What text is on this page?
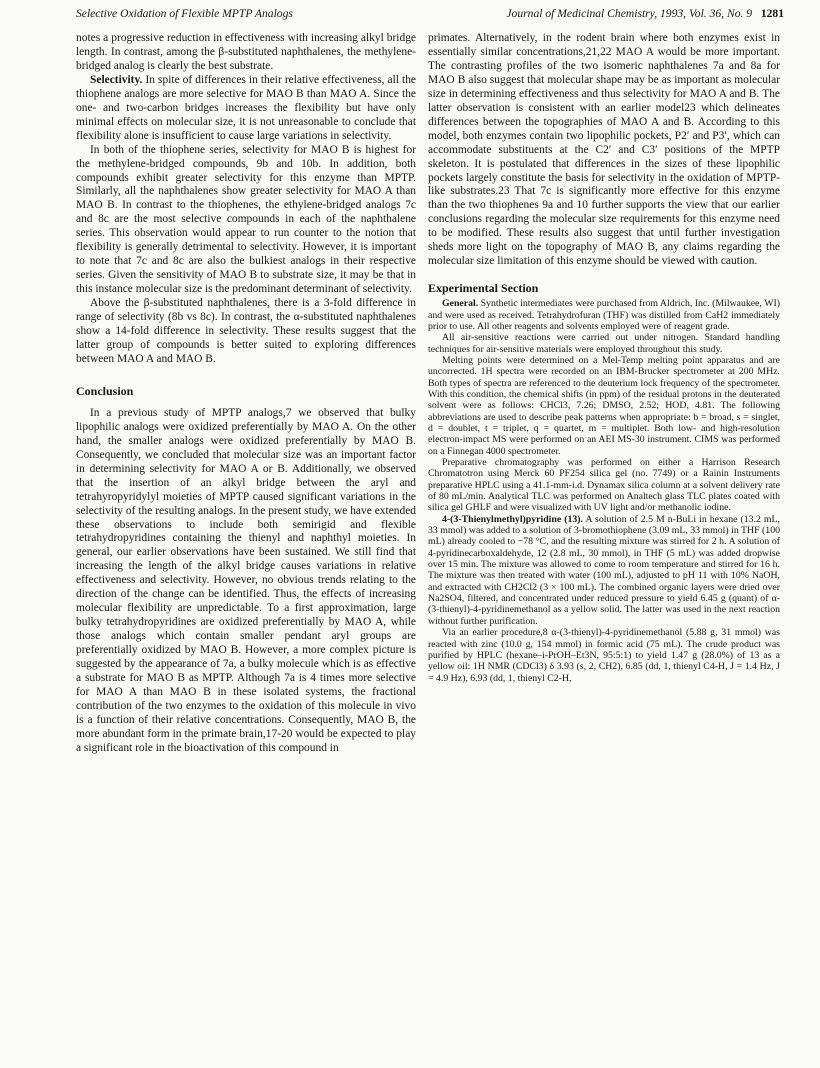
Selective Oxidation of Flexible MPTP Analogs	Journal of Medicinal Chemistry, 1993, Vol. 36, No. 9 1281

notes a progressive reduction in effectiveness with increasing alkyl bridge length. In contrast, among the β-substituted naphthalenes, the methylene-bridged analog is clearly the best substrate.

Selectivity. In spite of differences in their relative effectiveness, all the thiophene analogs are more selective for MAO B than MAO A. Since the one- and two-carbon bridges increases the flexibility but have only minimal effects on molecular size, it is not unreasonable to conclude that flexibility alone is insufficient to cause large variations in selectivity.

In both of the thiophene series, selectivity for MAO B is highest for the methylene-bridged compounds, 9b and 10b. In addition, both compounds exhibit greater selectivity for this enzyme than MPTP. Similarly, all the naphthalenes show greater selectivity for MAO A than MAO B. In contrast to the thiophenes, the ethylene-bridged analogs 7c and 8c are the most selective compounds in each of the naphthalene series. This observation would appear to run counter to the notion that flexibility is generally detrimental to selectivity. However, it is important to note that 7c and 8c are also the bulkiest analogs in their respective series. Given the sensitivity of MAO B to substrate size, it may be that in this instance molecular size is the predominant determinant of selectivity.

Above the β-substituted naphthalenes, there is a 3-fold difference in range of selectivity (8b vs 8c). In contrast, the α-substituted naphthalenes show a 14-fold difference in selectivity. These results suggest that the latter group of compounds is better suited to exploring differences between MAO A and MAO B.

Conclusion

In a previous study of MPTP analogs,7 we observed that bulky lipophilic analogs were oxidized preferentially by MAO A. On the other hand, the smaller analogs were oxidized preferentially by MAO B. Consequently, we concluded that molecular size was an important factor in determining selectivity for MAO A or B. Additionally, we observed that the insertion of an alkyl bridge between the aryl and tetrahyropyridylyl moieties of MPTP caused significant variations in the selectivity of the resulting analogs. In the present study, we have extended these observations to include both semirigid and flexible tetrahydropyridines containing the thienyl and naphthyl moieties. In general, our earlier observations have been sustained. We still find that increasing the length of the alkyl bridge causes variations in relative effectiveness and selectivity. However, no obvious trends relating to the direction of the change can be identified. Thus, the effects of increasing molecular flexibility are unpredictable. To a first approximation, large bulky tetrahydropyridines are oxidized preferentially by MAO A, while those analogs which contain smaller pendant aryl groups are preferentially oxidized by MAO B. However, a more complex picture is suggested by the appearance of 7a, a bulky molecule which is as effective a substrate for MAO B as MPTP. Although 7a is 4 times more selective for MAO A than MAO B in these isolated systems, the fractional contribution of the two enzymes to the oxidation of this molecule in vivo is a function of their relative concentrations. Consequently, MAO B, the more abundant form in the primate brain,17-20 would be expected to play a significant role in the bioactivation of this compound in

primates. Alternatively, in the rodent brain where both enzymes exist in essentially similar concentrations,21,22 MAO A would be more important. The contrasting profiles of the two isomeric naphthalenes 7a and 8a for MAO B also suggest that molecular shape may be as important as molecular size in determining effectiveness and thus selectivity for MAO A and B. The latter observation is consistent with an earlier model23 which delineates differences between the topographies of MAO A and B. According to this model, both enzymes contain two lipophilic pockets, P2′ and P3′, which can accommodate substituents at the C2′ and C3′ positions of the MPTP skeleton. It is postulated that differences in the sizes of these lipophilic pockets largely constitute the basis for selectivity in the oxidation of MPTP-like substrates.23 That 7c is significantly more effective for this enzyme than the two thiophenes 9a and 10 further supports the view that our earlier conclusions regarding the molecular size requirements for this enzyme need to be modified. These results also suggest that until further investigation sheds more light on the topography of MAO B, any claims regarding the molecular size limitation of this enzyme should be viewed with caution.

Experimental Section

General. Synthetic intermediates were purchased from Aldrich, Inc. (Milwaukee, WI) and were used as received. Tetrahydrofuran (THF) was distilled from CaH2 immediately prior to use. All other reagents and solvents employed were of reagent grade.

All air-sensitive reactions were carried out under nitrogen. Standard handling techniques for air-sensitive materials were employed throughout this study.

Melting points were determined on a Mel-Temp melting point apparatus and are uncorrected. 1H spectra were recorded on an IBM-Brucker spectrometer at 200 MHz. Both types of spectra are referenced to the deuterium lock frequency of the spectrometer. With this condition, the chemical shifts (in ppm) of the residual protons in the deuterated solvent were as follows: CHCl3, 7.26; DMSO, 2.52; HOD, 4.81. The following abbreviations are used to describe peak patterns when appropriate: b = broad, s = singlet, d = doublet, t = triplet, q = quartet, m = multiplet. Both low- and high-resolution electron-impact MS were performed on an AEI MS-30 instrument. CIMS was performed on a Finnegan 4000 spectrometer.

Preparative chromatography was performed on either a Harrison Research Chromatotron using Merck 60 PF254 silica gel (no. 7749) or a Rainin Instruments preparative HPLC using a 41.1-mm-i.d. Dynamax silica column at a solvent delivery rate of 80 mL/min. Analytical TLC was performed on Analtech glass TLC plates coated with silica gel GHLF and were visualized with UV light and/or methanolic iodine.

4-(3-Thienylmethyl)pyridine (13). A solution of 2.5 M n-BuLi in hexane (13.2 mL, 33 mmol) was added to a solution of 3-bromothiophene (3.09 mL, 33 mmol) in THF (100 mL) already cooled to −78 °C, and the resulting mixture was stirred for 2 h. A solution of 4-pyridinecarboxaldehyde, 12 (2.8 mL, 30 mmol), in THF (5 mL) was added dropwise over 15 min. The mixture was allowed to come to room temperature and stirred for 16 h. The mixture was then treated with water (100 mL), adjusted to pH 11 with 10% NaOH, and extracted with CH2Cl2 (3 × 100 mL). The combined organic layers were dried over Na2SO4, filtered, and concentrated under reduced pressure to yield 6.45 g (quant) of α-(3-thienyl)-4-pyridinemethanol as a yellow solid. The latter was used in the next reaction without further purification.

Via an earlier procedure,8 α-(3-thienyl)-4-pyridinemethanol (5.88 g, 31 mmol) was reacted with zinc (10.0 g, 154 mmol) in formic acid (75 mL). The crude product was purified by HPLC (hexane–i-PrOH–Et3N, 95:5:1) to yield 1.47 g (28.0%) of 13 as a yellow oil: 1H NMR (CDCl3) δ 3.93 (s, 2, CH2), 6.85 (dd, 1, thienyl C4-H, J = 1.4 Hz, J = 4.9 Hz), 6.93 (dd, 1, thienyl C2-H,
